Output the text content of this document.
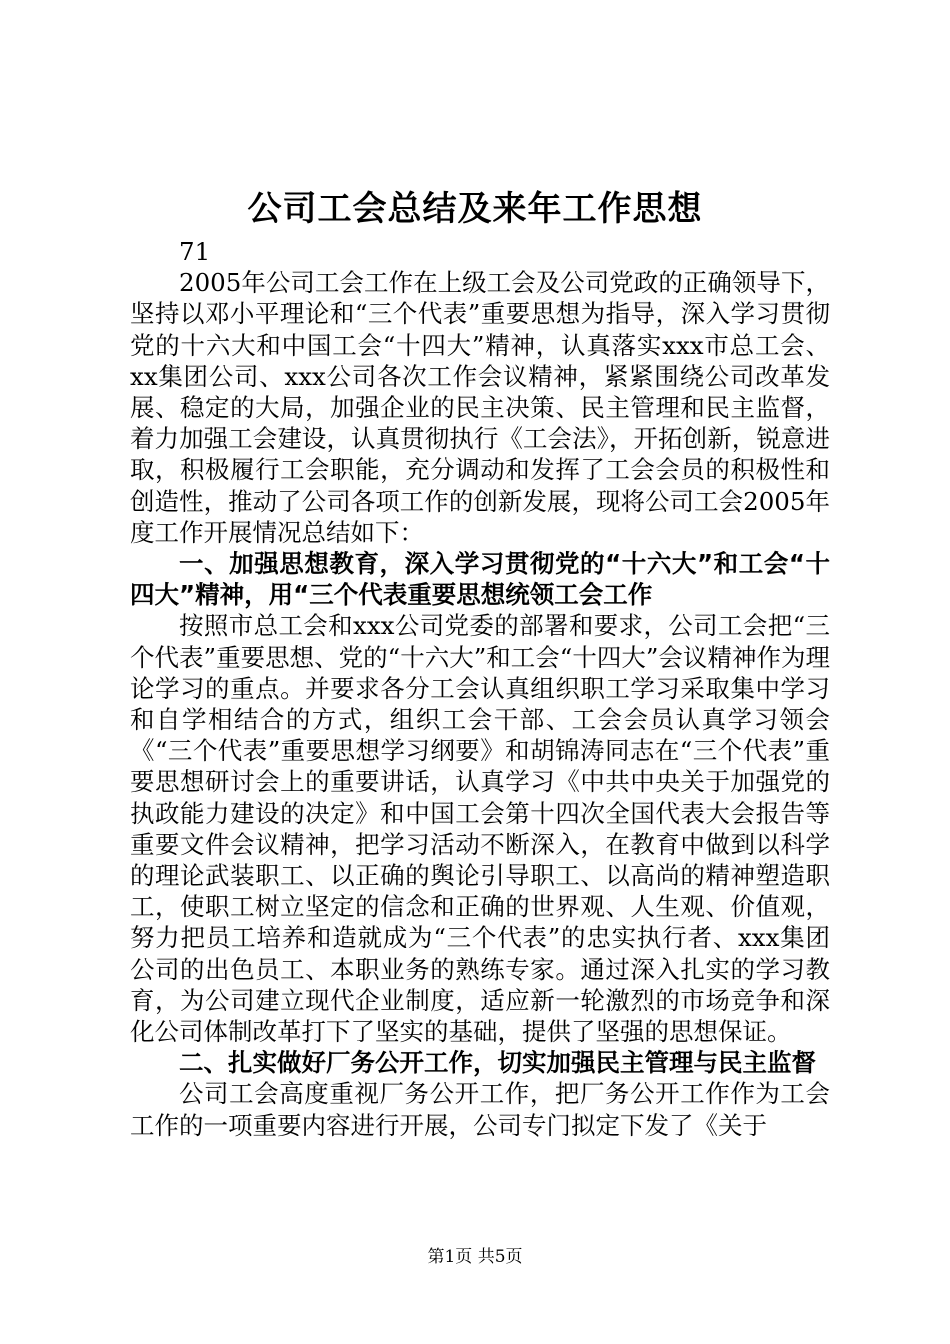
公司工会总结及来年工作思想

71

2005年公司工会工作在上级工会及公司党政的正确领导下，坚持以邓小平理论和“三个代表”重要思想为指导，深入学习贯彻党的十六大和中国工会“十四大”精神，认真落实xxx市总工会、xx集团公司、xxx公司各次工作会议精神，紧紧围绕公司改革发展、稳定的大局，加强企业的民主决策、民主管理和民主监督，着力加强工会建设，认真贯彻执行《工会法》，开拓创新，锐意进取，积极履行工会职能，充分调动和发挥了工会会员的积极性和创造性，推动了公司各项工作的创新发展，现将公司工会2005年度工作开展情况总结如下：

一、加强思想教育，深入学习贯彻党的“十六大”和工会“十四大”精神，用“三个代表重要思想统领工会工作

按照市总工会和xxx公司党委的部署和要求，公司工会把“三个代表”重要思想、党的“十六大”和工会“十四大”会议精神作为理论学习的重点。并要求各分工会认真组织职工学习采取集中学习和自学相结合的方式，组织工会干部、工会会员认真学习领会《“三个代表”重要思想学习纲要》和胡锦涛同志在“三个代表”重要思想研讨会上的重要讲话，认真学习《中共中央关于加强党的执政能力建设的决定》和中国工会第十四次全国代表大会报告等重要文件会议精神，把学习活动不断深入，在教育中做到以科学的理论武装职工、以正确的舆论引导职工、以高尚的精神塑造职工，使职工树立坚定的信念和正确的世界观、人生观、价值观，努力把员工培养和造就成为“三个代表”的忠实执行者、xxx集团公司的出色员工、本职业务的熟练专家。通过深入扎实的学习教育，为公司建立现代企业制度，适应新一轮激烈的市场竞争和深化公司体制改革打下了坚实的基础，提供了坚强的思想保证。

二、扎实做好厂务公开工作，切实加强民主管理与民主监督

公司工会高度重视厂务公开工作，把厂务公开工作作为工会工作的一项重要内容进行开展，公司专门拟定下发了《关于

第1页 共5页
